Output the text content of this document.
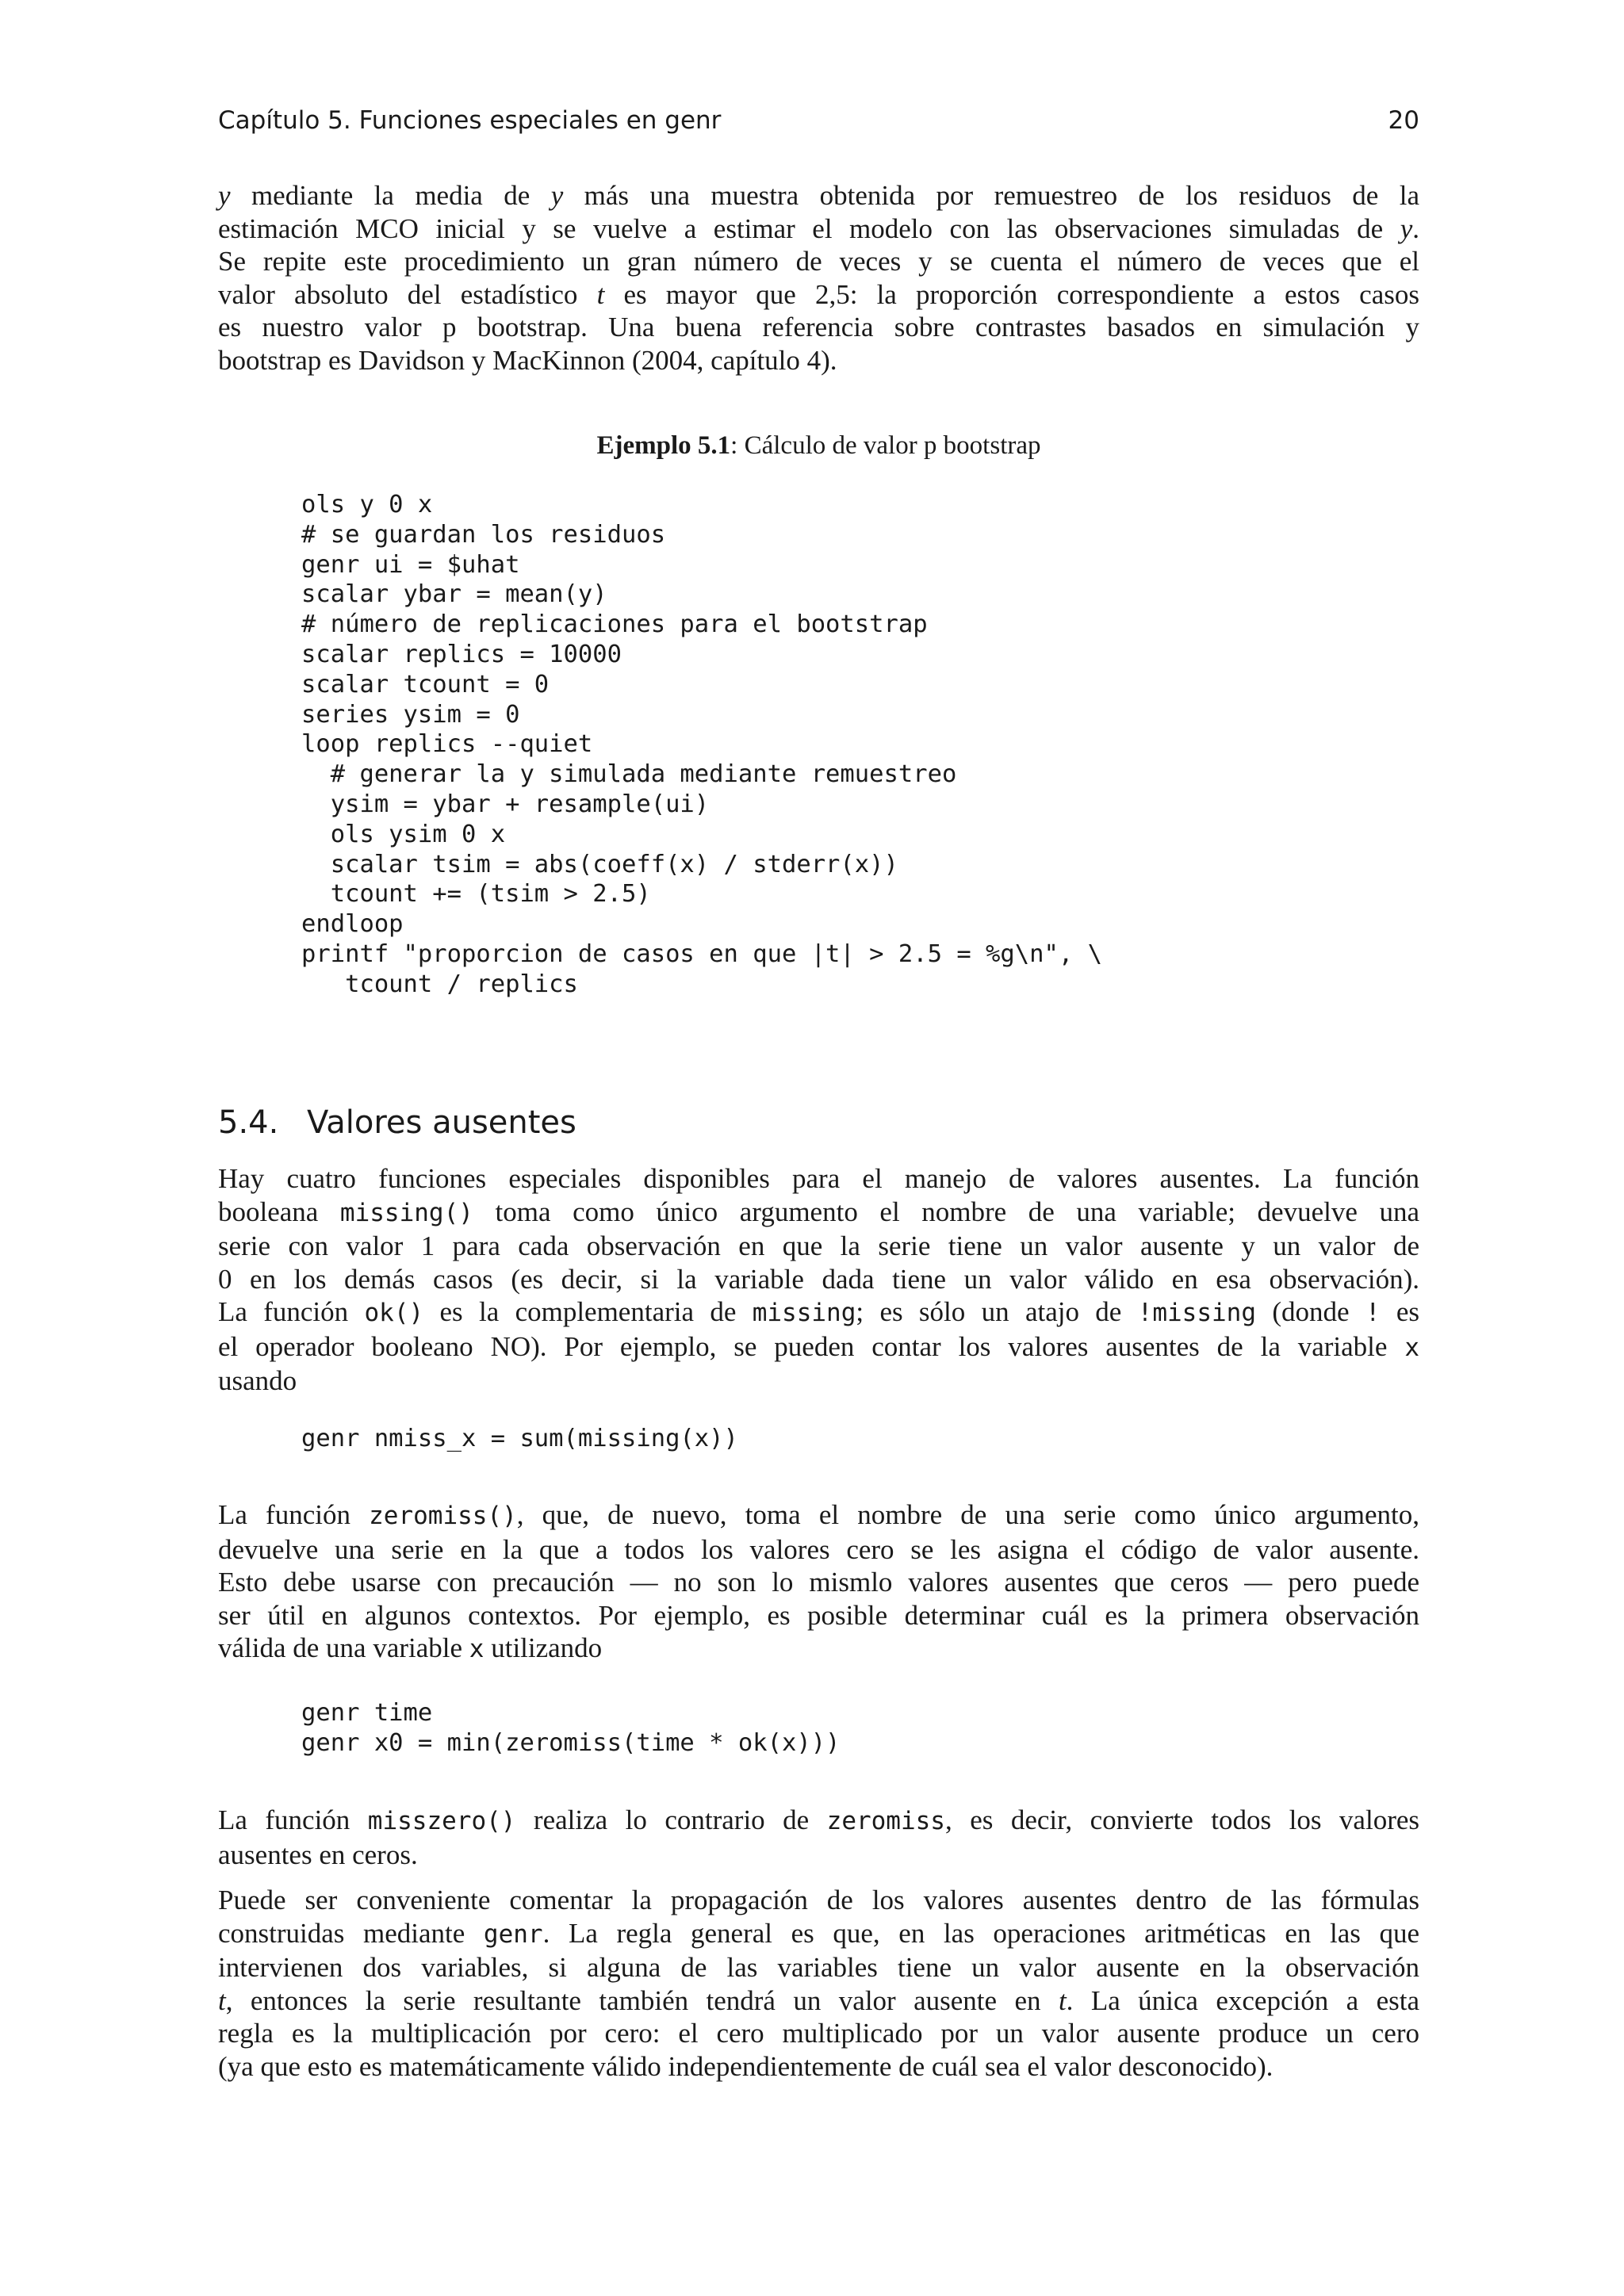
Capítulo 5. Funciones especiales en genr	20
y mediante la media de y más una muestra obtenida por remuestreo de los residuos de la
estimación MCO inicial y se vuelve a estimar el modelo con las observaciones simuladas de y.
Se repite este procedimiento un gran número de veces y se cuenta el número de veces que el
valor absoluto del estadístico t es mayor que 2,5: la proporción correspondiente a estos casos
es nuestro valor p bootstrap. Una buena referencia sobre contrastes basados en simulación y
bootstrap es Davidson y MacKinnon (2004, capítulo 4).
Ejemplo 5.1: Cálculo de valor p bootstrap
ols y 0 x
# se guardan los residuos
genr ui = $uhat
scalar ybar = mean(y)
# número de replicaciones para el bootstrap
scalar replics = 10000
scalar tcount = 0
series ysim = 0
loop replics --quiet
# generar la y simulada mediante remuestreo
ysim = ybar + resample(ui)
ols ysim 0 x
scalar tsim = abs(coeff(x) / stderr(x))
tcount += (tsim > 2.5)
endloop
printf "proporcion de casos en que |t| > 2.5 = %g\n", \
tcount / replics
5.4. Valores ausentes
Hay cuatro funciones especiales disponibles para el manejo de valores ausentes. La función
booleana missing() toma como único argumento el nombre de una variable; devuelve una
serie con valor 1 para cada observación en que la serie tiene un valor ausente y un valor de
0 en los demás casos (es decir, si la variable dada tiene un valor válido en esa observación).
La función ok() es la complementaria de missing; es sólo un atajo de !missing (donde ! es
el operador booleano NO). Por ejemplo, se pueden contar los valores ausentes de la variable x
usando
genr nmiss_x = sum(missing(x))
La función zeromiss(), que, de nuevo, toma el nombre de una serie como único argumento,
devuelve una serie en la que a todos los valores cero se les asigna el código de valor ausente.
Esto debe usarse con precaución — no son lo mismlo valores ausentes que ceros — pero puede
ser útil en algunos contextos. Por ejemplo, es posible determinar cuál es la primera observación
válida de una variable x utilizando
genr time
genr x0 = min(zeromiss(time * ok(x)))
La función misszero() realiza lo contrario de zeromiss, es decir, convierte todos los valores
ausentes en ceros.
Puede ser conveniente comentar la propagación de los valores ausentes dentro de las fórmulas
construidas mediante genr. La regla general es que, en las operaciones aritméticas en las que
intervienen dos variables, si alguna de las variables tiene un valor ausente en la observación
t, entonces la serie resultante también tendrá un valor ausente en t. La única excepción a esta
regla es la multiplicación por cero: el cero multiplicado por un valor ausente produce un cero
(ya que esto es matemáticamente válido independientemente de cuál sea el valor desconocido).
